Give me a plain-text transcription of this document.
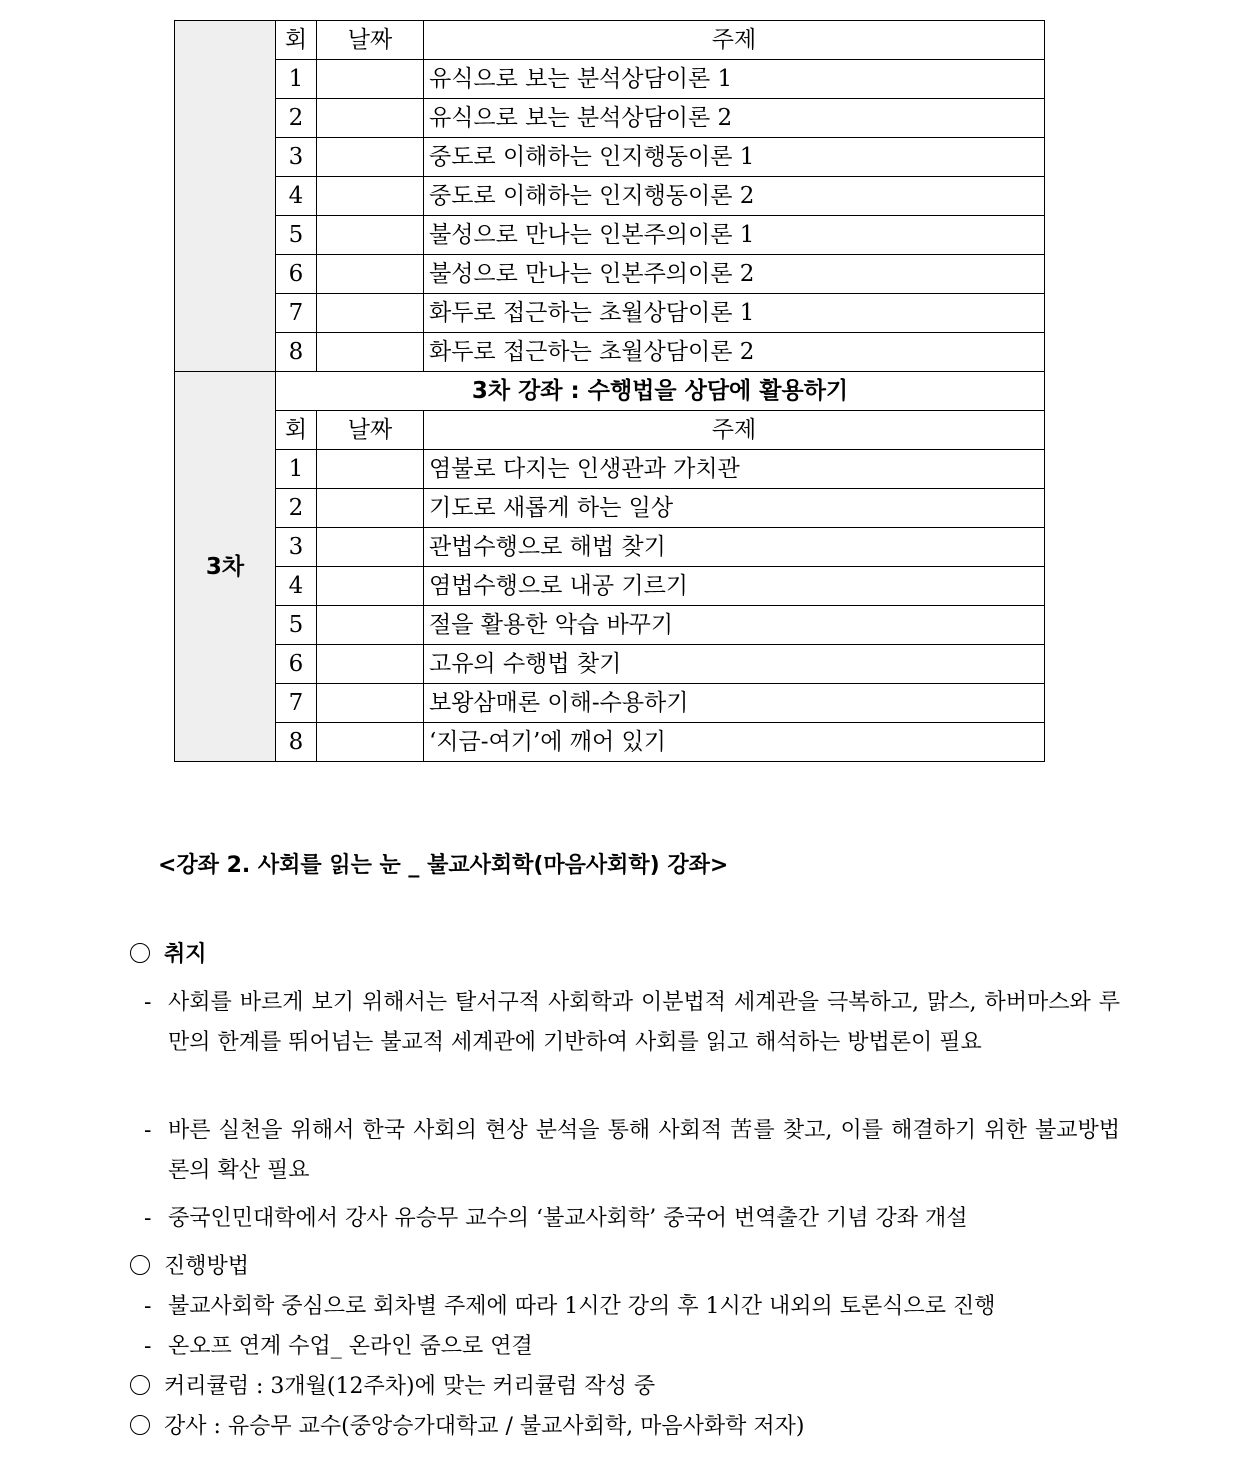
	회	날짜	주제
	1		유식으로 보는 분석상담이론 1
	2		유식으로 보는 분석상담이론 2
	3		중도로 이해하는 인지행동이론 1
	4		중도로 이해하는 인지행동이론 2
	5		불성으로 만나는 인본주의이론 1
	6		불성으로 만나는 인본주의이론 2
	7		화두로 접근하는 초월상담이론 1
	8		화두로 접근하는 초월상담이론 2
3차	3차 강좌 : 수행법을 상담에 활용하기		
	회	날짜	주제
	1		염불로 다지는 인생관과 가치관
	2		기도로 새롭게 하는 일상
	3		관법수행으로 해법 찾기
	4		염법수행으로 내공 기르기
	5		절을 활용한 악습 바꾸기
	6		고유의 수행법 찾기
	7		보왕삼매론 이해-수용하기
	8		‘지금-여기’에 깨어 있기
<강좌 2. 사회를 읽는 눈 _ 불교사회학(마음사회학) 강좌>
취지
- 사회를 바르게 보기 위해서는 탈서구적 사회학과 이분법적 세계관을 극복하고, 맑스, 하버마스와 루만의 한계를 뛰어넘는 불교적 세계관에 기반하여 사회를 읽고 해석하는 방법론이 필요
- 바른 실천을 위해서 한국 사회의 현상 분석을 통해 사회적 苦를 찾고, 이를 해결하기 위한 불교방법론의 확산 필요
- 중국인민대학에서 강사 유승무 교수의 ‘불교사회학’ 중국어 번역출간 기념 강좌 개설
진행방법
- 불교사회학 중심으로 회차별 주제에 따라 1시간 강의 후 1시간 내외의 토론식으로 진행
- 온오프 연계 수업_ 온라인 줌으로 연결
커리큘럼 : 3개월(12주차)에 맞는 커리큘럼 작성 중
강사 : 유승무 교수(중앙승가대학교 / 불교사회학, 마음사화학 저자)
